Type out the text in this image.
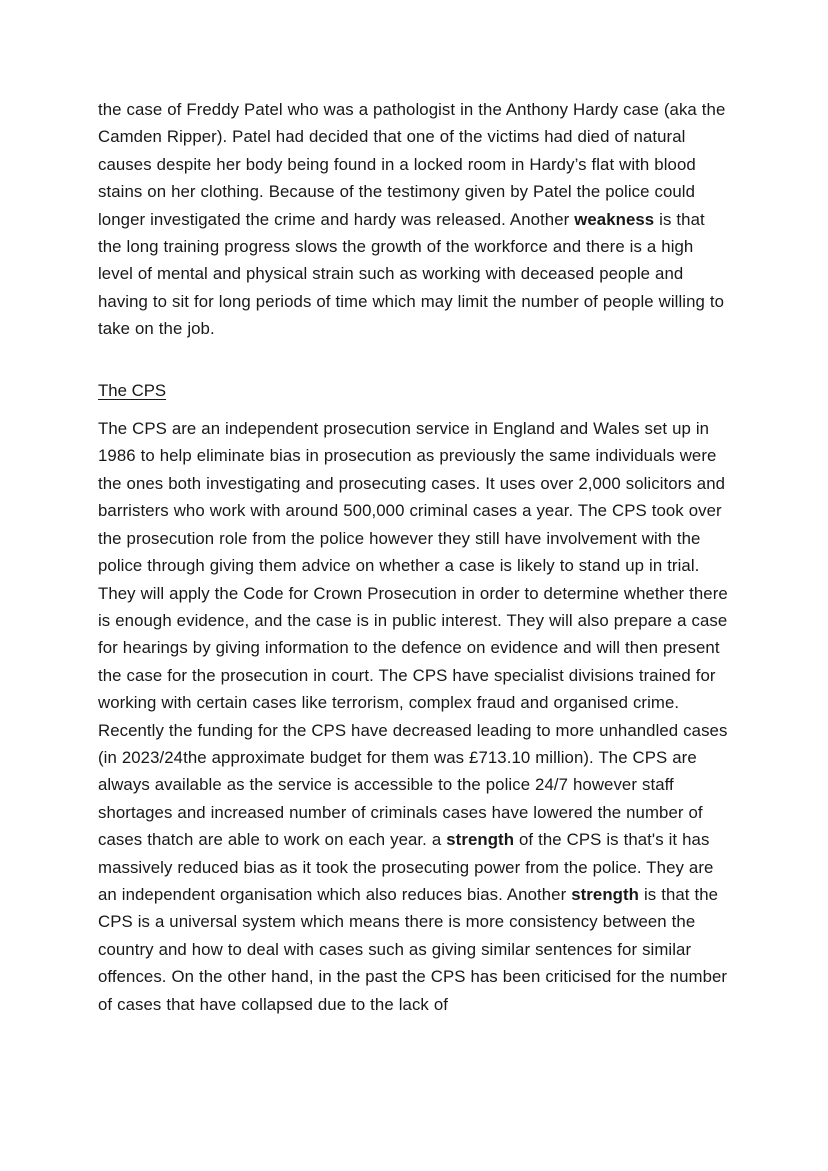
the case of Freddy Patel who was a pathologist in the Anthony Hardy case (aka the Camden Ripper). Patel had decided that one of the victims had died of natural causes despite her body being found in a locked room in Hardy’s flat with blood stains on her clothing. Because of the testimony given by Patel the police could longer investigated the crime and hardy was released. Another weakness is that the long training progress slows the growth of the workforce and there is a high level of mental and physical strain such as working with deceased people and having to sit for long periods of time which may limit the number of people willing to take on the job.

The CPS

The CPS are an independent prosecution service in England and Wales set up in 1986 to help eliminate bias in prosecution as previously the same individuals were the ones both investigating and prosecuting cases. It uses over 2,000 solicitors and barristers who work with around 500,000 criminal cases a year. The CPS took over the prosecution role from the police however they still have involvement with the police through giving them advice on whether a case is likely to stand up in trial. They will apply the Code for Crown Prosecution in order to determine whether there is enough evidence, and the case is in public interest. They will also prepare a case for hearings by giving information to the defence on evidence and will then present the case for the prosecution in court. The CPS have specialist divisions trained for working with certain cases like terrorism, complex fraud and organised crime. Recently the funding for the CPS have decreased leading to more unhandled cases (in 2023/24the approximate budget for them was £713.10 million). The CPS are always available as the service is accessible to the police 24/7 however staff shortages and increased number of criminals cases have lowered the number of cases thatch are able to work on each year. a strength of the CPS is that's it has massively reduced bias as it took the prosecuting power from the police. They are an independent organisation which also reduces bias. Another strength is that the CPS is a universal system which means there is more consistency between the country and how to deal with cases such as giving similar sentences for similar offences. On the other hand, in the past the CPS has been criticised for the number of cases that have collapsed due to the lack of
